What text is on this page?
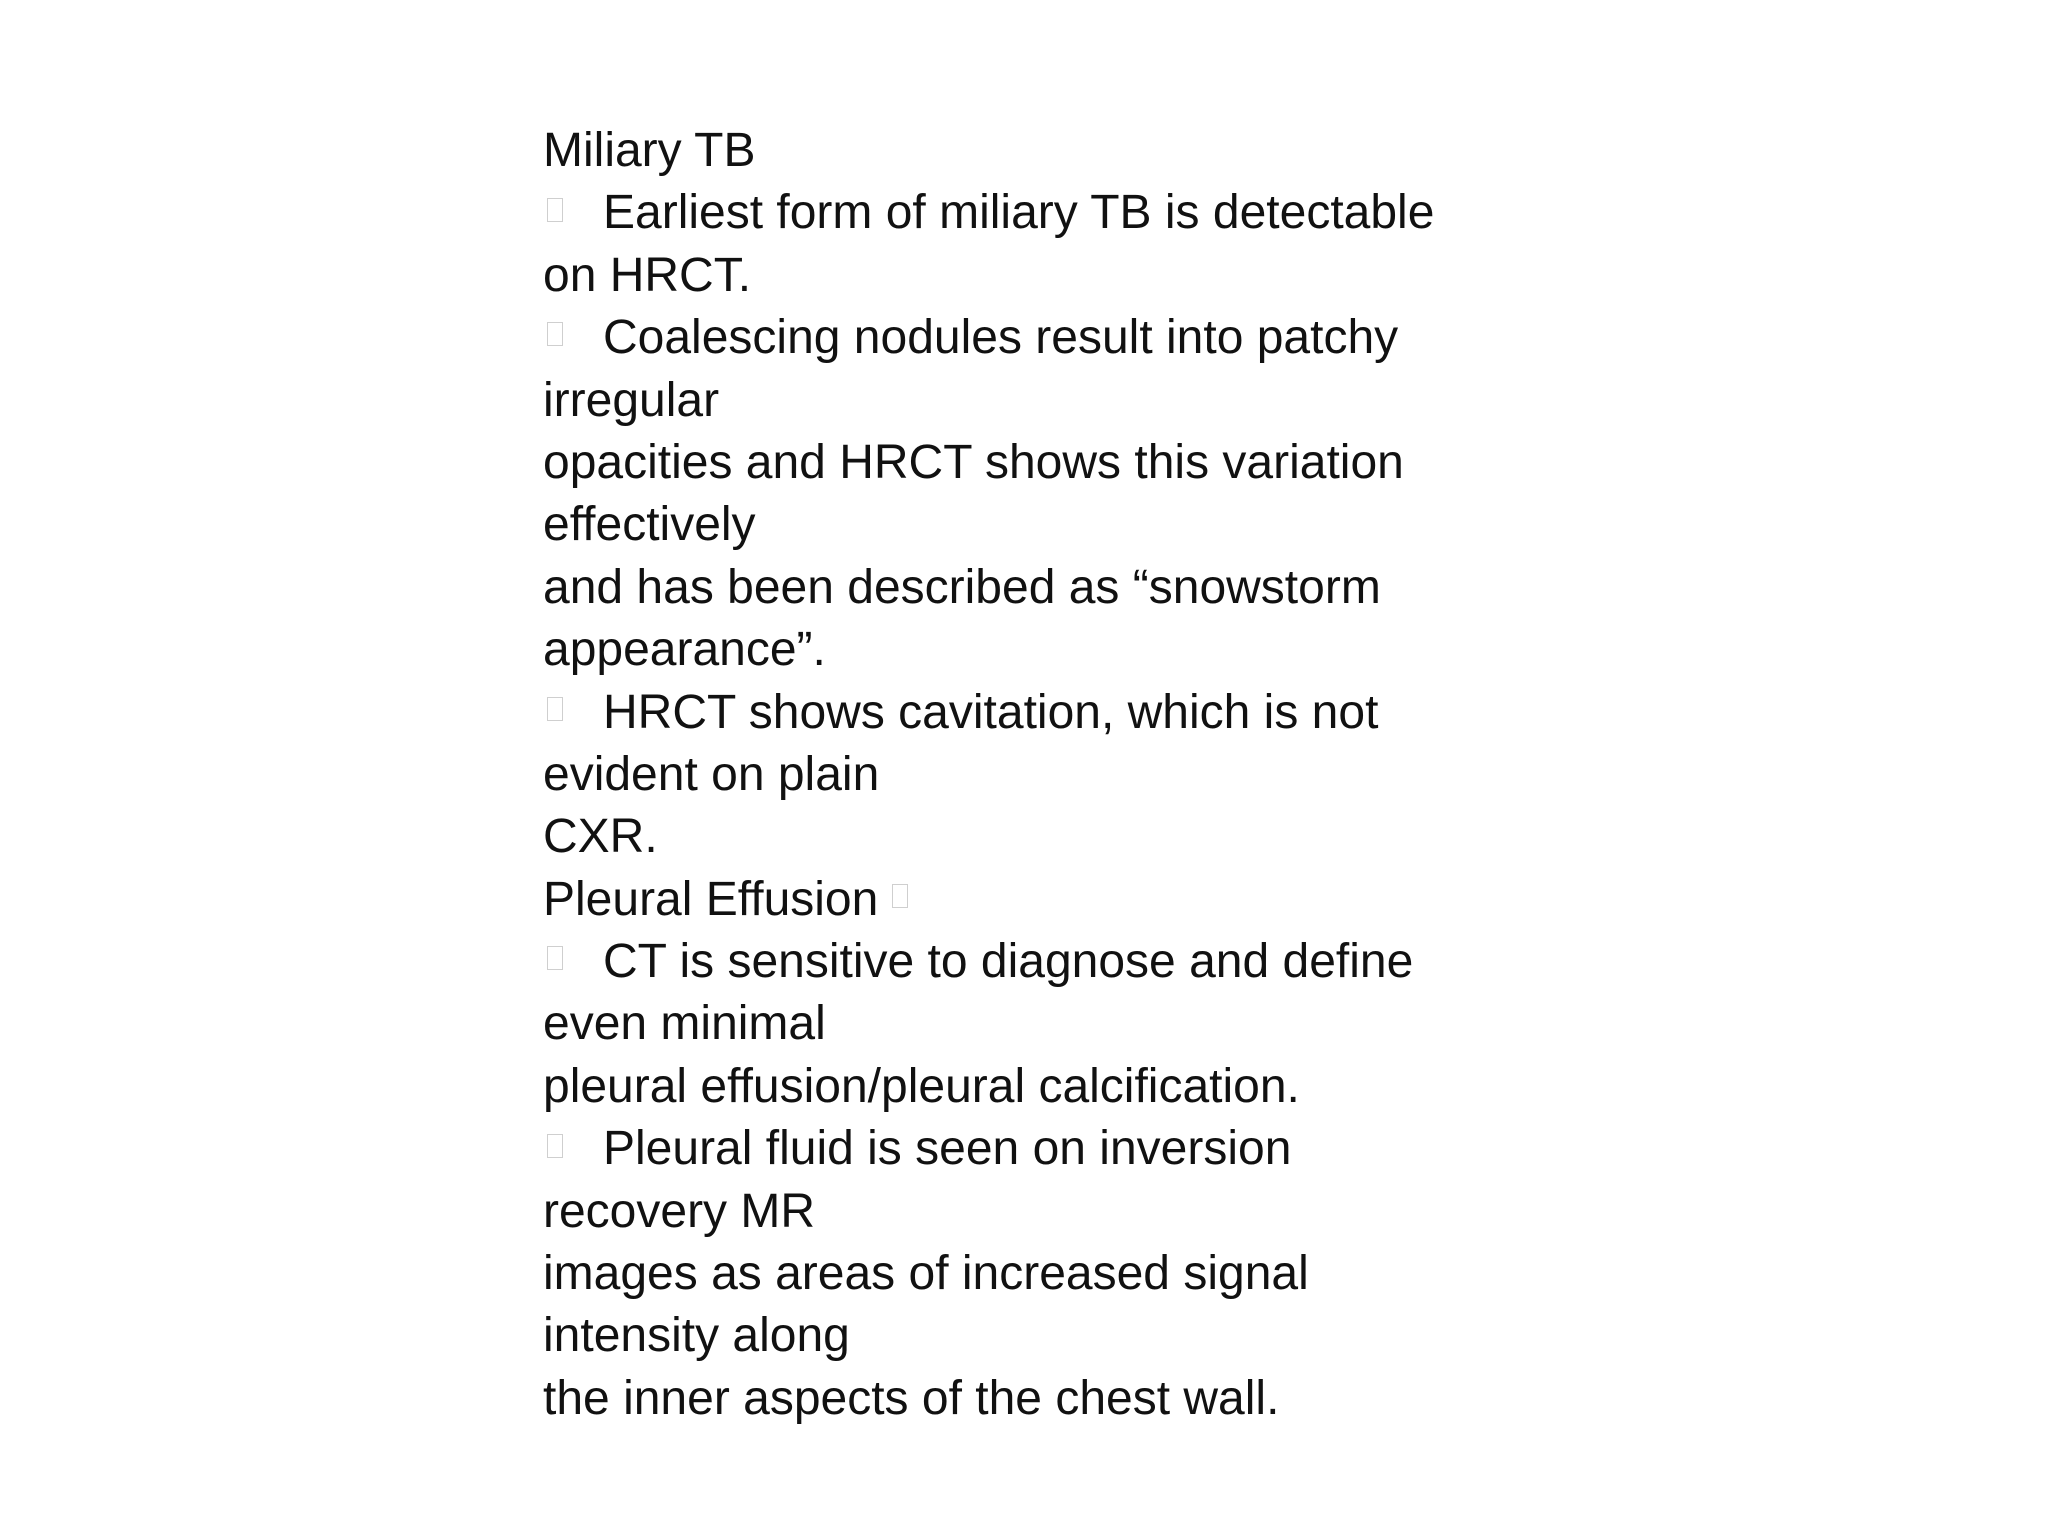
Miliary TB
Earliest form of miliary TB is detectable
on HRCT.
Coalescing nodules result into patchy
irregular
opacities and HRCT shows this variation
effectively
and has been described as “snowstorm
appearance”.
HRCT shows cavitation, which is not
evident on plain
CXR.
Pleural Effusion
CT is sensitive to diagnose and define
even minimal
pleural effusion/pleural calcification.
Pleural fluid is seen on inversion
recovery MR
images as areas of increased signal
intensity along
the inner aspects of the chest wall.
